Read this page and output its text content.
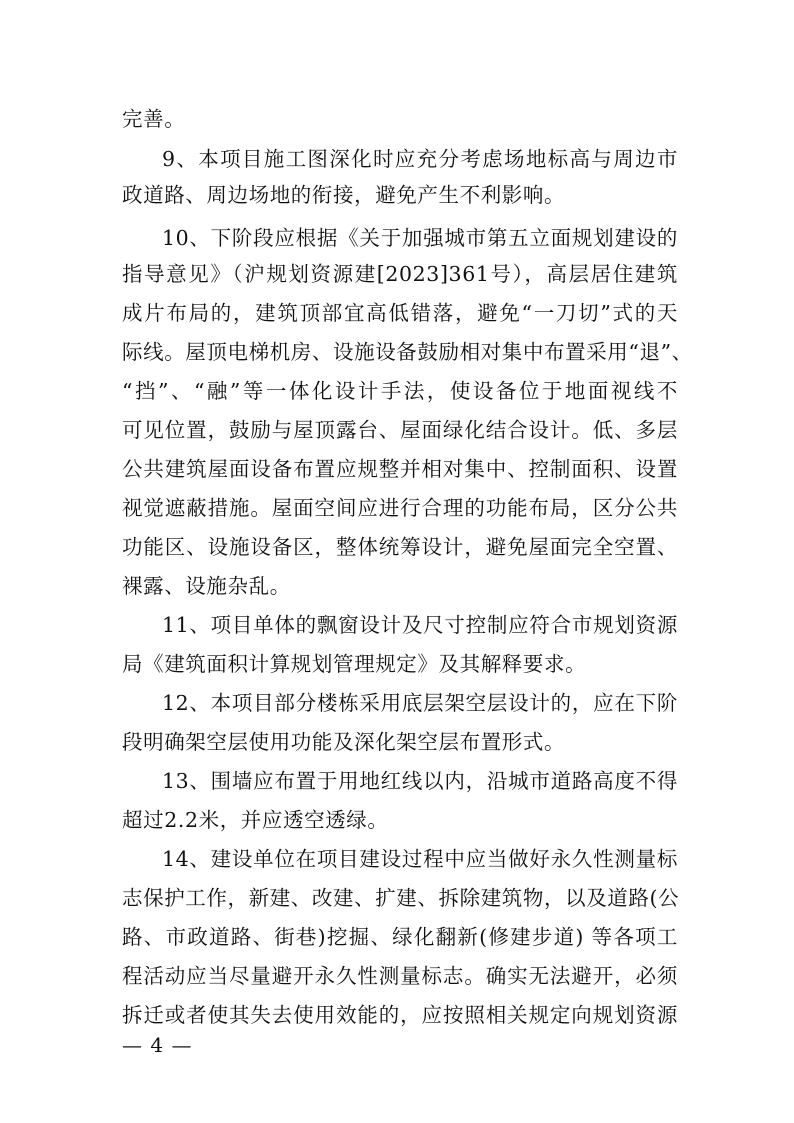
完善。
9、本项目施工图深化时应充分考虑场地标高与周边市
政道路、周边场地的衔接，避免产生不利影响。
10、下阶段应根据《关于加强城市第五立面规划建设的
指导意见》（沪规划资源建[2023]361号），高层居住建筑
成片布局的，建筑顶部宜高低错落，避免“一刀切”式的天
际线。屋顶电梯机房、设施设备鼓励相对集中布置采用“退”、
“挡”、“融”等一体化设计手法，使设备位于地面视线不
可见位置，鼓励与屋顶露台、屋面绿化结合设计。低、多层
公共建筑屋面设备布置应规整并相对集中、控制面积、设置
视觉遮蔽措施。屋面空间应进行合理的功能布局，区分公共
功能区、设施设备区，整体统筹设计，避免屋面完全空置、
裸露、设施杂乱。
11、项目单体的飘窗设计及尺寸控制应符合市规划资源
局《建筑面积计算规划管理规定》及其解释要求。
12、本项目部分楼栋采用底层架空层设计的，应在下阶
段明确架空层使用功能及深化架空层布置形式。
13、围墙应布置于用地红线以内，沿城市道路高度不得
超过2.2米，并应透空透绿。
14、建设单位在项目建设过程中应当做好永久性测量标
志保护工作，新建、改建、扩建、拆除建筑物，以及道路(公
路、市政道路、街巷)挖掘、绿化翻新(修建步道) 等各项工
程活动应当尽量避开永久性测量标志。确实无法避开，必须
拆迁或者使其失去使用效能的，应按照相关规定向规划资源
— 4 —
